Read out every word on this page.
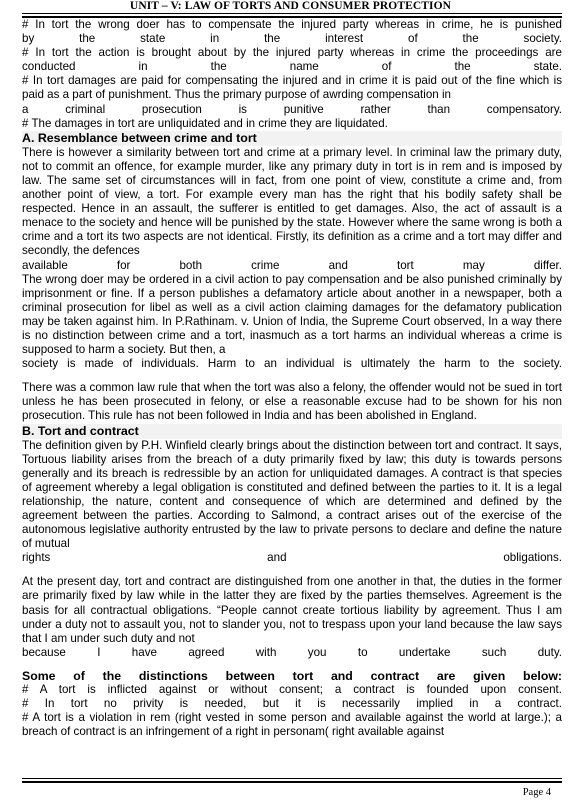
UNIT – V: LAW OF TORTS AND CONSUMER PROTECTION

# In tort the wrong doer has to compensate the injured party whereas in crime, he is punished

by the state in the interest of the society.

# In tort the action is brought about by the injured party whereas in crime the proceedings are

conducted in the name of the state.

# In tort damages are paid for compensating the injured and in crime it is paid out of the fine which is paid as a part of punishment. Thus the primary purpose of awrding compensation in

a criminal prosecution is punitive rather than compensatory.

# The damages in tort are unliquidated and in crime they are liquidated.

A. Resemblance between crime and tort

There is however a similarity between tort and crime at a primary level. In criminal law the primary duty, not to commit an offence, for example murder, like any primary duty in tort is in rem and is imposed by law. The same set of circumstances will in fact, from one point of view, constitute a crime and, from another point of view, a tort. For example every man has the right that his bodily safety shall be respected. Hence in an assault, the sufferer is entitled to get damages. Also, the act of assault is a menace to the society and hence will be punished by the state. However where the same wrong is both a crime and a tort its two aspects are not identical. Firstly, its definition as a crime and a tort may differ and secondly, the defences

available for both crime and tort may differ.

The wrong doer may be ordered in a civil action to pay compensation and be also punished criminally by imprisonment or fine. If a person publishes a defamatory article about another in a newspaper, both a criminal prosecution for libel as well as a civil action claiming damages for the defamatory publication may be taken against him. In P.Rathinam. v. Union of India, the Supreme Court observed, In a way there is no distinction between crime and a tort, inasmuch as a tort harms an individual whereas a crime is supposed to harm a society. But then, a

society is made of individuals. Harm to an individual is ultimately the harm to the society.

There was a common law rule that when the tort was also a felony, the offender would not be sued in tort unless he has been prosecuted in felony, or else a reasonable excuse had to be shown for his non prosecution. This rule has not been followed in India and has been abolished in England.

B. Tort and contract

The definition given by P.H. Winfield clearly brings about the distinction between tort and contract. It says, Tortuous liability arises from the breach of a duty primarily fixed by law; this duty is towards persons generally and its breach is redressible by an action for unliquidated damages. A contract is that species of agreement whereby a legal obligation is constituted and defined between the parties to it. It is a legal relationship, the nature, content and consequence of which are determined and defined by the agreement between the parties. According to Salmond, a contract arises out of the exercise of the autonomous legislative authority entrusted by the law to private persons to declare and define the nature of mutual

rights and obligations.

At the present day, tort and contract are distinguished from one another in that, the duties in the former are primarily fixed by law while in the latter they are fixed by the parties themselves. Agreement is the basis for all contractual obligations. “People cannot create tortious liability by agreement. Thus I am under a duty not to assault you, not to slander you, not to trespass upon your land because the law says that I am under such duty and not

because I have agreed with you to undertake such duty.

Some of the distinctions between tort and contract are given below:

# A tort is inflicted against or without consent; a contract is founded upon consent.

# In tort no privity is needed, but it is necessarily implied in a contract.

# A tort is a violation in rem (right vested in some person and available against the world at large.); a breach of contract is an infringement of a right in personam( right available against

Page 4
